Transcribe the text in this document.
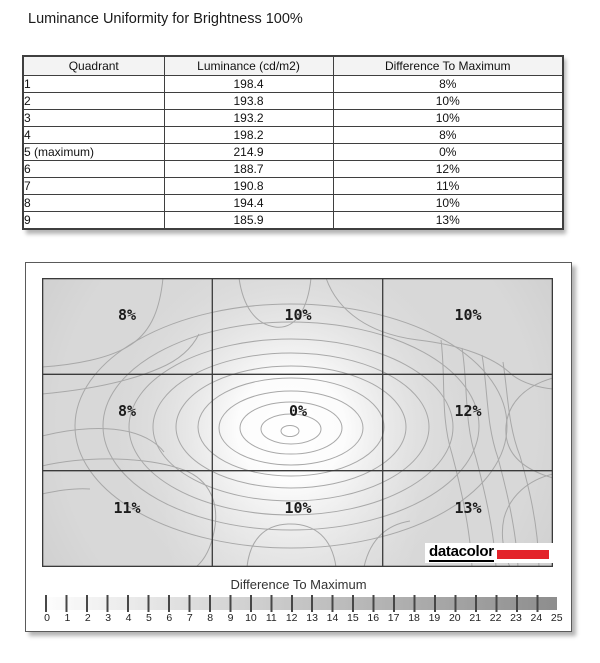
Luminance Uniformity for Brightness 100%
Quadrant	Luminance (cd/m2)	Difference To Maximum
1	198.4	8%
2	193.8	10%
3	193.2	10%
4	198.2	8%
5 (maximum)	214.9	0%
6	188.7	12%
7	190.8	11%
8	194.4	10%
9	185.9	13%
8%	10%	10%
8%	0%	12%
11%	10%	13%
datacolor
Difference To Maximum
0 1 2 3 4 5 6 7 8 9 10 11 12 13 14 15 16 17 18 19 20 21 22 23 24 25
